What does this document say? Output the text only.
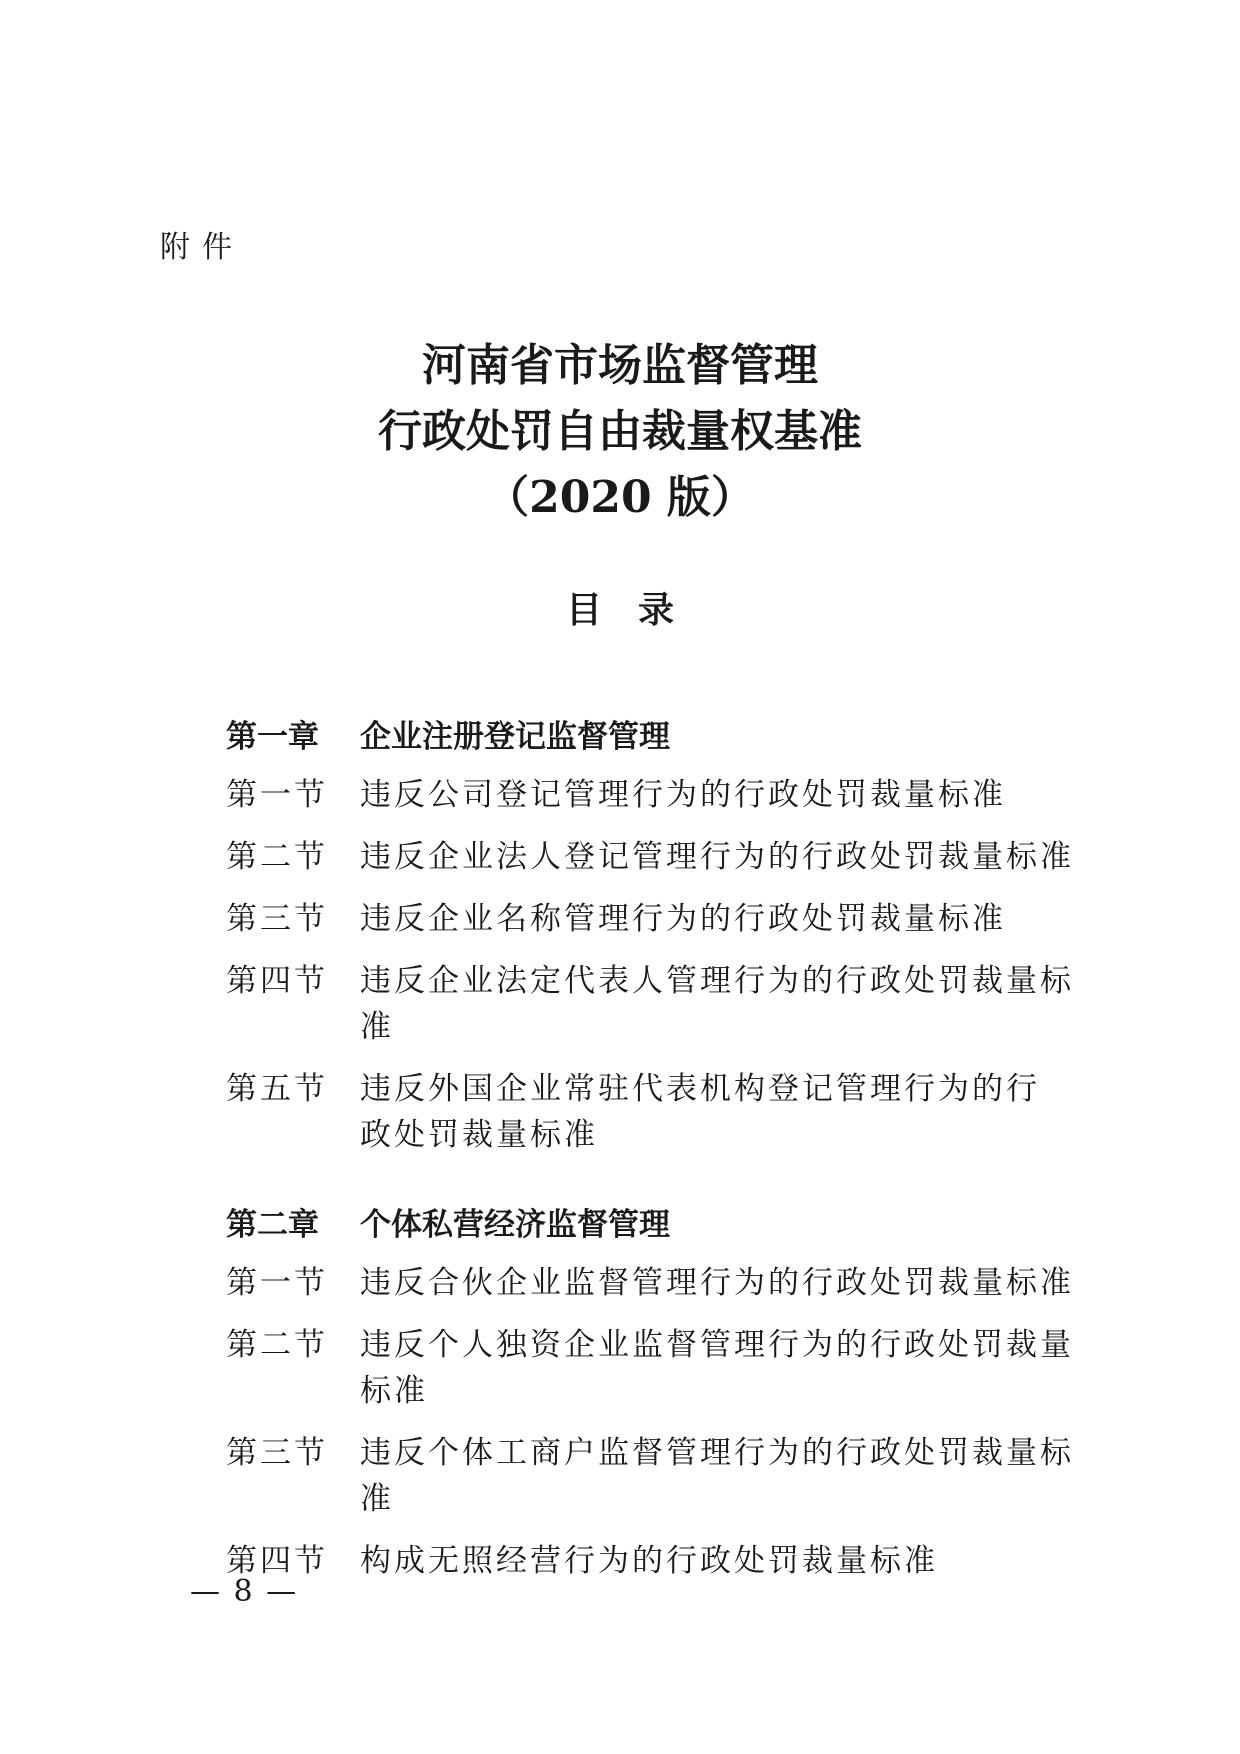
附件
河南省市场监督管理
行政处罚自由裁量权基准
（2020 版）
目录
第一章	企业注册登记监督管理
第一节	违反公司登记管理行为的行政处罚裁量标准
第二节	违反企业法人登记管理行为的行政处罚裁量标准
第三节	违反企业名称管理行为的行政处罚裁量标准
第四节	违反企业法定代表人管理行为的行政处罚裁量标准
第五节	违反外国企业常驻代表机构登记管理行为的行政处罚裁量标准
第二章	个体私营经济监督管理
第一节	违反合伙企业监督管理行为的行政处罚裁量标准
第二节	违反个人独资企业监督管理行为的行政处罚裁量标准
第三节	违反个体工商户监督管理行为的行政处罚裁量标准
第四节	构成无照经营行为的行政处罚裁量标准
— 8 —
